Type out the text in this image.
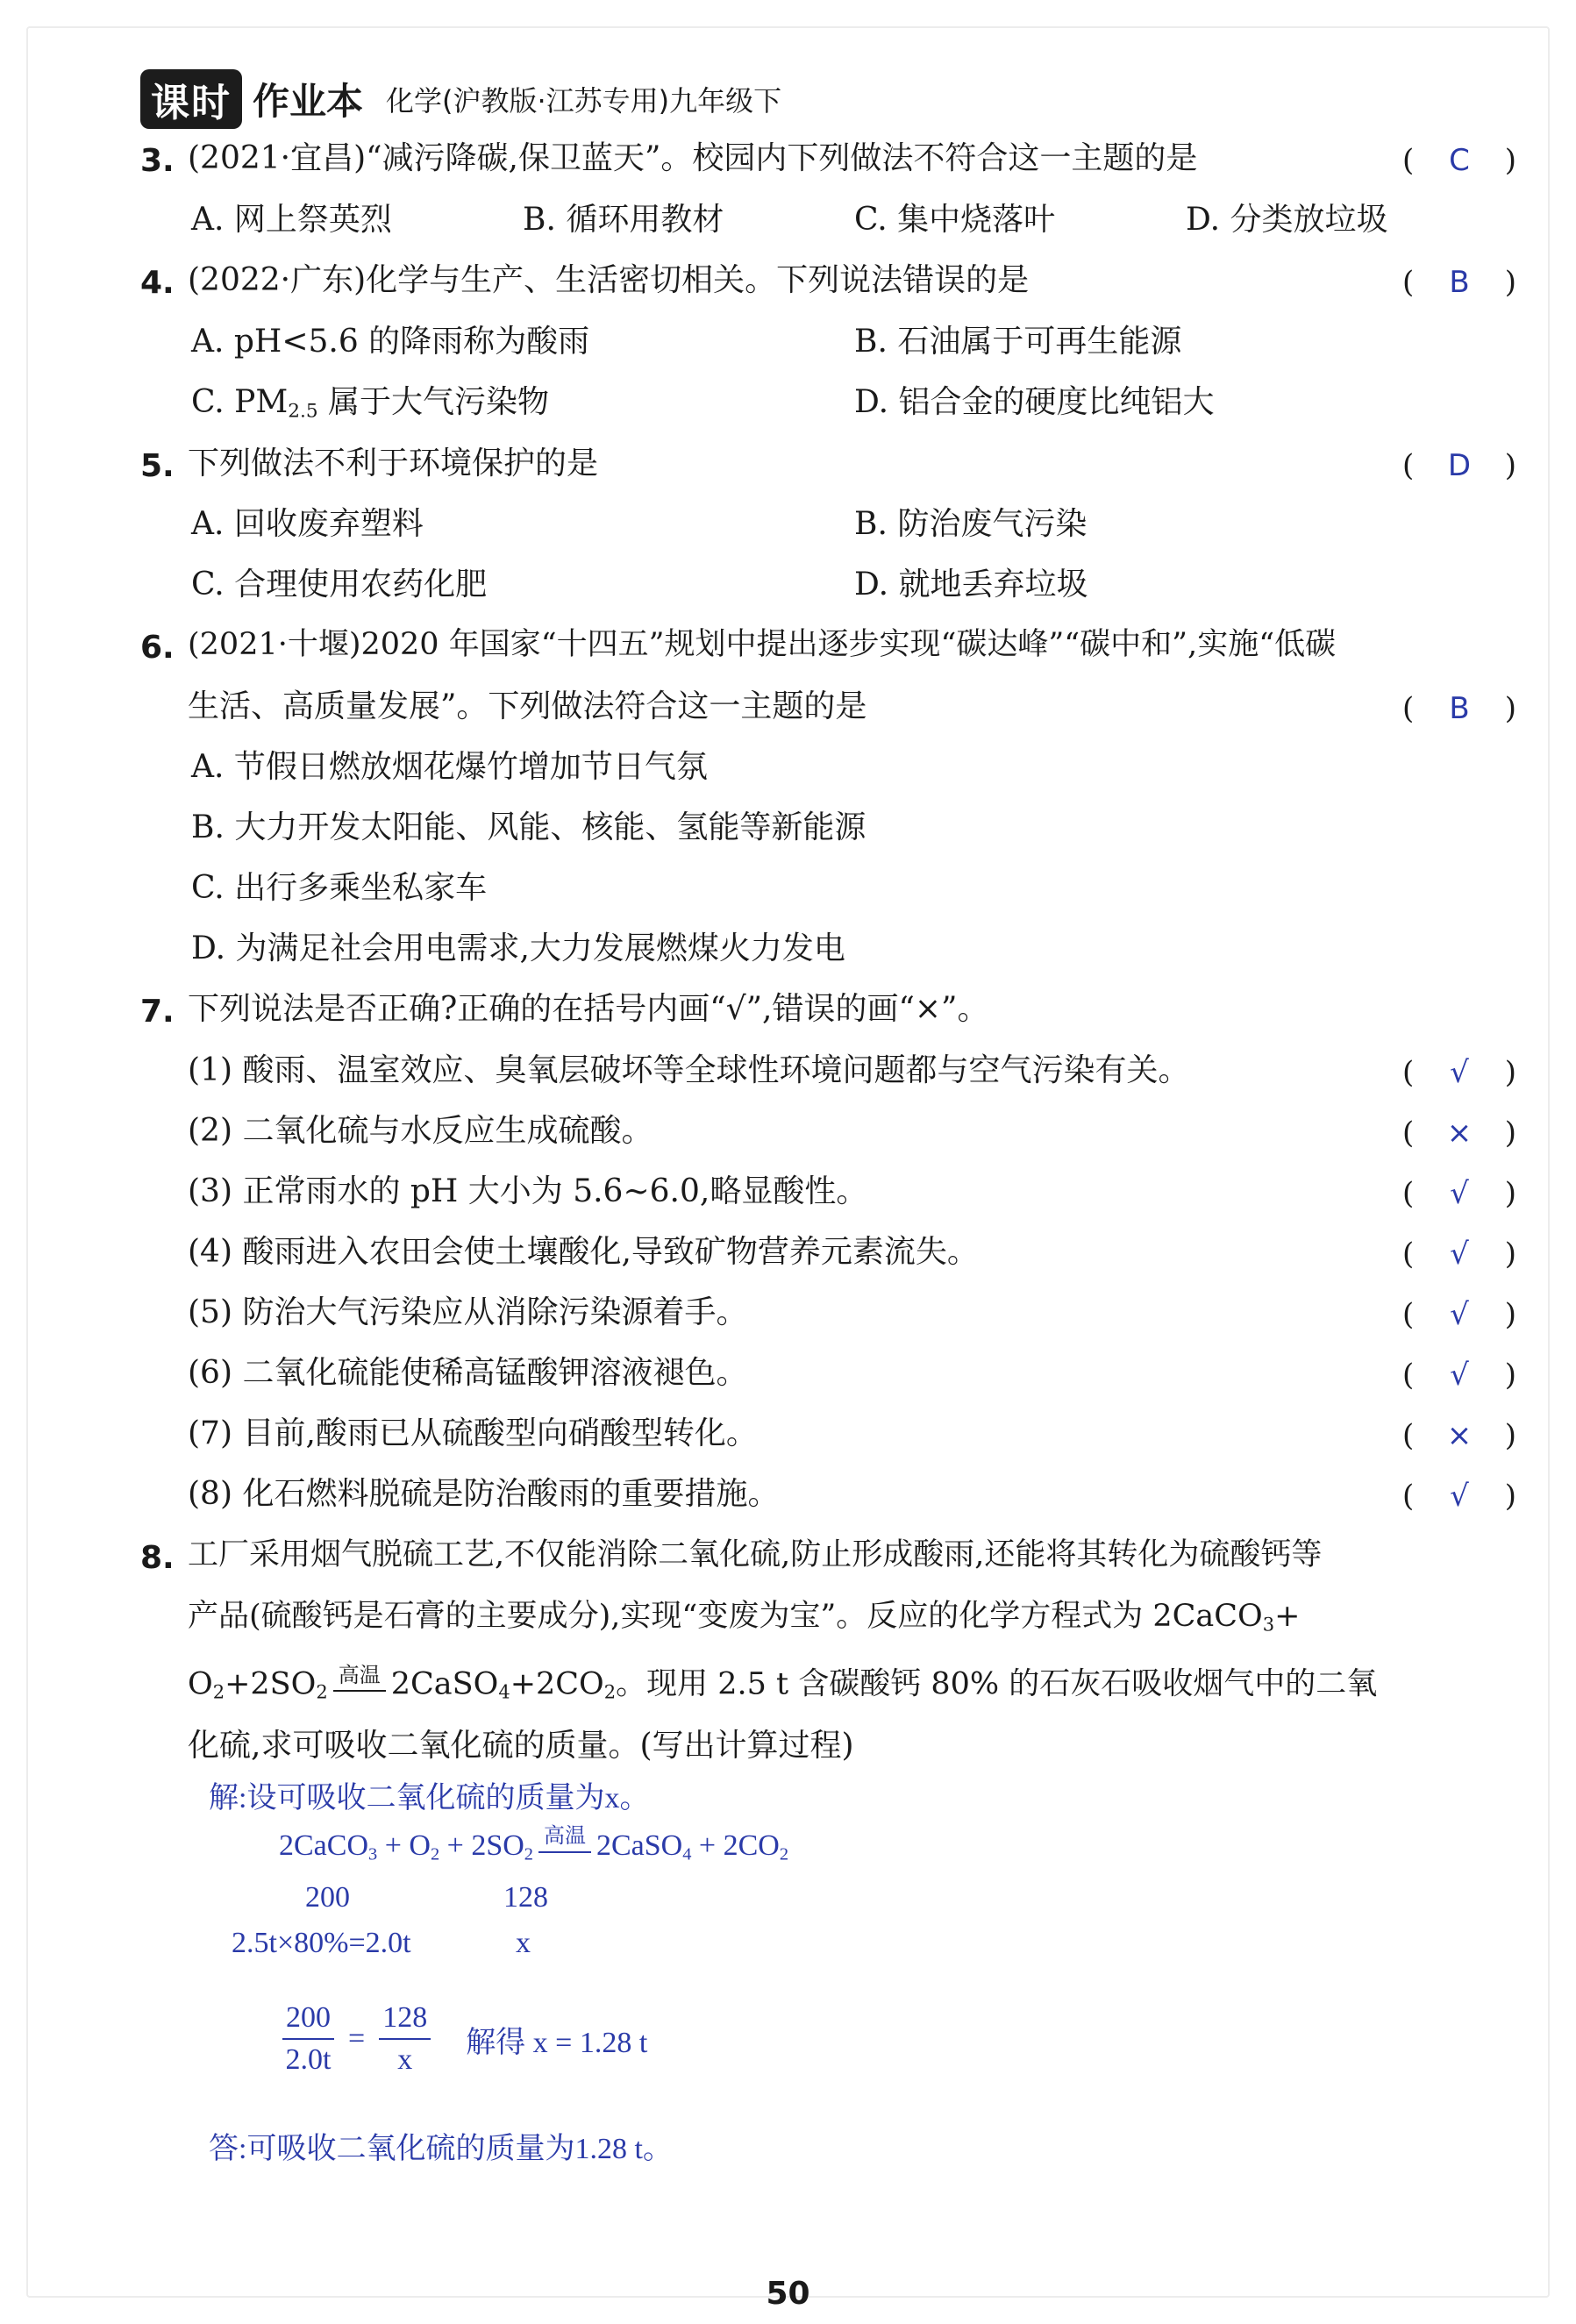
课时 作业本 化学(沪教版·江苏专用)九年级下
3. (2021·宜昌)“减污降碳,保卫蓝天”。校园内下列做法不符合这一主题的是	( C )
A. 网上祭英烈	B. 循环用教材	C. 集中烧落叶	D. 分类放垃圾
4. (2022·广东)化学与生产、生活密切相关。下列说法错误的是	( B )
A. pH<5.6 的降雨称为酸雨	B. 石油属于可再生能源
C. $PM_{2.5}$ 属于大气污染物	D. 铝合金的硬度比纯铝大
5. 下列做法不利于环境保护的是	( D )
A. 回收废弃塑料	B. 防治废气污染
C. 合理使用农药化肥	D. 就地丢弃垃圾
6. (2021·十堰)2020 年国家“十四五”规划中提出逐步实现“碳达峰”“碳中和”,实施“低碳
生活、高质量发展”。下列做法符合这一主题的是	( B )
A. 节假日燃放烟花爆竹增加节日气氛
B. 大力开发太阳能、风能、核能、氢能等新能源
C. 出行多乘坐私家车
D. 为满足社会用电需求,大力发展燃煤火力发电
7. 下列说法是否正确?正确的在括号内画“√”,错误的画“×”。
(1) 酸雨、温室效应、臭氧层破坏等全球性环境问题都与空气污染有关。	( √ )
(2) 二氧化硫与水反应生成硫酸。	( × )
(3) 正常雨水的 pH 大小为 5.6~6.0,略显酸性。	( √ )
(4) 酸雨进入农田会使土壤酸化,导致矿物营养元素流失。	( √ )
(5) 防治大气污染应从消除污染源着手。	( √ )
(6) 二氧化硫能使稀高锰酸钾溶液褪色。	( √ )
(7) 目前,酸雨已从硫酸型向硝酸型转化。	( × )
(8) 化石燃料脱硫是防治酸雨的重要措施。	( √ )
8. 工厂采用烟气脱硫工艺,不仅能消除二氧化硫,防止形成酸雨,还能将其转化为硫酸钙等
产品(硫酸钙是石膏的主要成分),实现“变废为宝”。反应的化学方程式为 2CaCO$_3$+
$O_2+2SO_2$
高温 $2CaSO_4+2CO_2$。现用 2.5 t 含碳酸钙 80% 的石灰石吸收烟气中的二氧
化硫,求可吸收二氧化硫的质量。(写出计算过程)
解:设可吸收二氧化硫的质量为x。
2CaCO$_3$ + $O_2 + 2SO_2$
高温 2CaSO$_4$ + $2CO_2$
200	128
2.5t×80%=2.0t	x
$\frac{200}{2.0t} = \frac{128}{x}$ 解得 x = 1.28 t
答:可吸收二氧化硫的质量为1.28 t。
50
